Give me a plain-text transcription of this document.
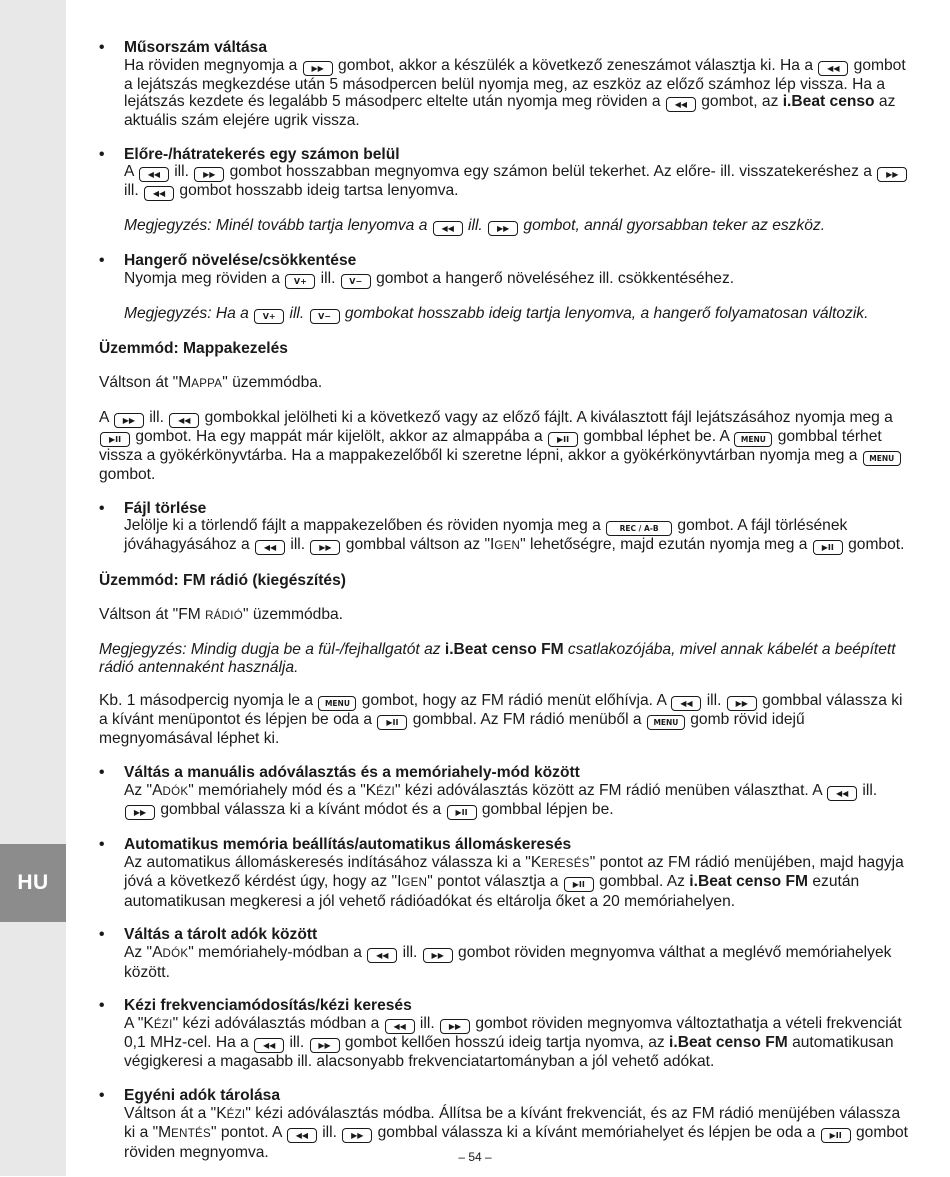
HU
• Műsorszám váltása
Ha röviden megnyomja a ▶▶ gombot, akkor a készülék a következő zeneszámot választja ki. Ha a ◀◀ gombot a lejátszás megkezdése után 5 másodpercen belül nyomja meg, az eszköz az előző számhoz lép vissza. Ha a lejátszás kezdete és legalább 5 másodperc eltelte után nyomja meg röviden a ◀◀ gombot, az i.Beat censo az aktuális szám elejére ugrik vissza.
• Előre-/hátratekerés egy számon belül
A ◀◀ ill. ▶▶ gombot hosszabban megnyomva egy számon belül tekerhet. Az előre- ill. visszatekeréshez a ▶▶ ill. ◀◀ gombot hosszabb ideig tartsa lenyomva.
Megjegyzés: Minél tovább tartja lenyomva a ◀◀ ill. ▶▶ gombot, annál gyorsabban teker az eszköz.
• Hangerő növelése/csökkentése
Nyomja meg röviden a V+ ill. V− gombot a hangerő növeléséhez ill. csökkentéséhez.
Megjegyzés: Ha a V+ ill. V− gombokat hosszabb ideig tartja lenyomva, a hangerő folyamatosan változik.
Üzemmód: Mappakezelés
Váltson át "MAPPA" üzemmódba.
A ▶▶ ill. ◀◀ gombokkal jelölheti ki a következő vagy az előző fájlt. A kiválasztott fájl lejátszásához nyomja meg a ▶II gombot. Ha egy mappát már kijelölt, akkor az almappába a ▶II gombbal léphet be. A MENU gombbal térhet vissza a gyökérkönyvtárba. Ha a mappakezelőből ki szeretne lépni, akkor a gyökérkönyvtárban nyomja meg a MENU gombot.
• Fájl törlése
Jelölje ki a törlendő fájlt a mappakezelőben és röviden nyomja meg a REC / A-B gombot. A fájl törlésének jóváhagyásához a ◀◀ ill. ▶▶ gombbal váltson az "IGEN" lehetőségre, majd ezután nyomja meg a ▶II gombot.
Üzemmód: FM rádió (kiegészítés)
Váltson át "FM RÁDIÓ" üzemmódba.
Megjegyzés: Mindig dugja be a fül-/fejhallgatót az i.Beat censo FM csatlakozójába, mivel annak kábelét a beépített rádió antennaként használja.
Kb. 1 másodpercig nyomja le a MENU gombot, hogy az FM rádió menüt előhívja. A ◀◀ ill. ▶▶ gombbal válassza ki a kívánt menüpontot és lépjen be oda a ▶II gombbal. Az FM rádió menüből a MENU gomb rövid idejű megnyomásával léphet ki.
• Váltás a manuális adóválasztás és a memóriahely-mód között
Az "ADÓK" memóriahely mód és a "KÉZI" kézi adóválasztás között az FM rádió menüben választhat. A ◀◀ ill. ▶▶ gombbal válassza ki a kívánt módot és a ▶II gombbal lépjen be.
• Automatikus memória beállítás/automatikus állomáskeresés
Az automatikus állomáskeresés indításához válassza ki a "KERESÉS" pontot az FM rádió menüjében, majd hagyja jóvá a következő kérdést úgy, hogy az "IGEN" pontot választja a ▶II gombbal. Az i.Beat censo FM ezután automatikusan megkeresi a jól vehető rádióadókat és eltárolja őket a 20 memóriahelyen.
• Váltás a tárolt adók között
Az "ADÓK" memóriahely-módban a ◀◀ ill. ▶▶ gombot röviden megnyomva válthat a meglévő memóriahelyek között.
• Kézi frekvenciamódosítás/kézi keresés
A "KÉZI" kézi adóválasztás módban a ◀◀ ill. ▶▶ gombot röviden megnyomva változtathatja a vételi frekvenciát 0,1 MHz-cel. Ha a ◀◀ ill. ▶▶ gombot kellően hosszú ideig tartja nyomva, az i.Beat censo FM automatikusan végigkeresi a magasabb ill. alacsonyabb frekvenciatartományban a jól vehető adókat.
• Egyéni adók tárolása
Váltson át a "KÉZI" kézi adóválasztás módba. Állítsa be a kívánt frekvenciát, és az FM rádió menüjében válassza ki a "MENTÉS" pontot. A ◀◀ ill. ▶▶ gombbal válassza ki a kívánt memóriahelyet és lépjen be oda a ▶II gombot röviden megnyomva.	– 54 –
